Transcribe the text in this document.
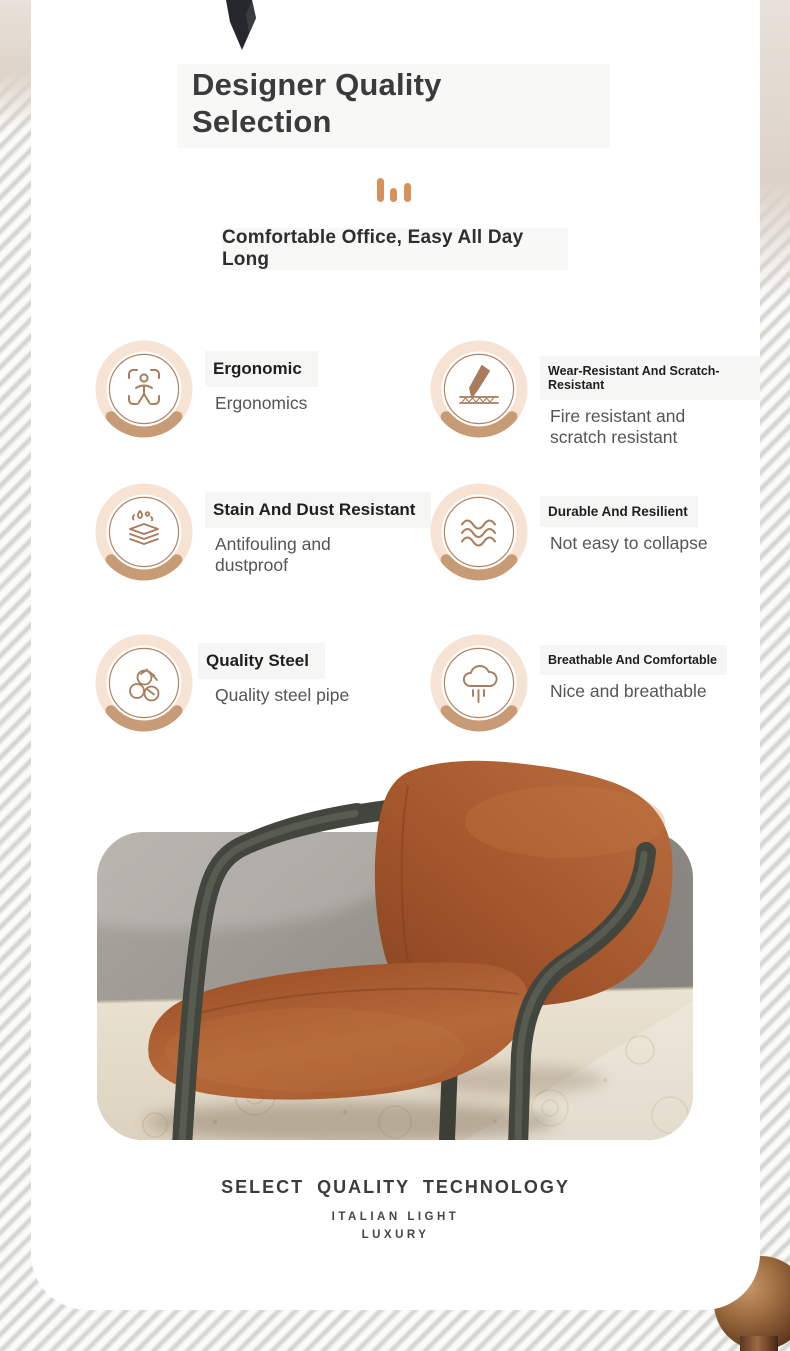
Designer Quality Selection
Comfortable Office, Easy All Day Long
Ergonomic
Ergonomics
Wear-Resistant And Scratch-Resistant
Fire resistant and scratch resistant
Stain And Dust Resistant
Antifouling and dustproof
Durable And Resilient
Not easy to collapse
Quality Steel
Quality steel pipe
Breathable And Comfortable
Nice and breathable
SELECT QUALITY TECHNOLOGY
ITALIAN LIGHT
LUXURY
